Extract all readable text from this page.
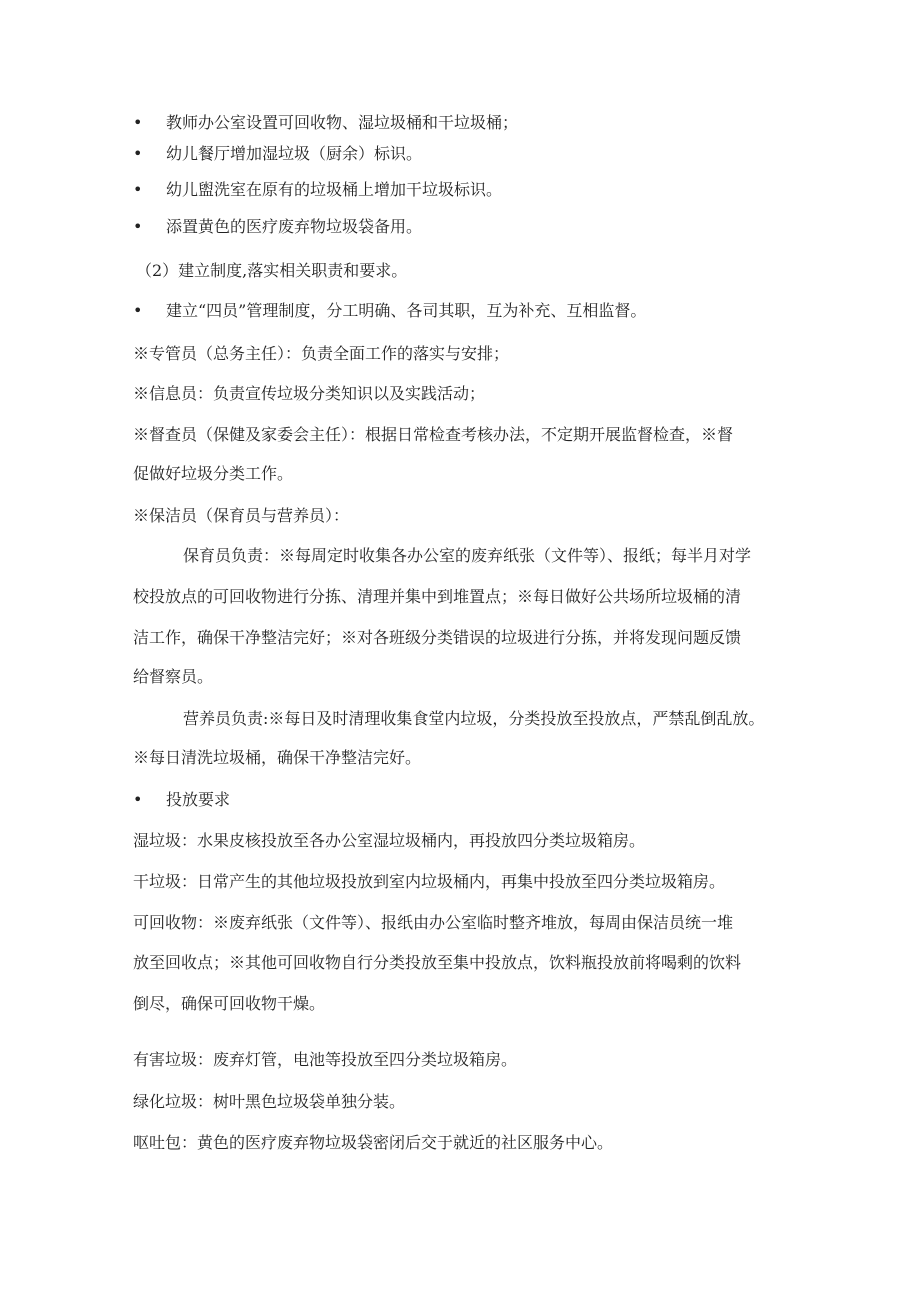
• 教师办公室设置可回收物、湿垃圾桶和干垃圾桶；
• 幼儿餐厅增加湿垃圾（厨余）标识。
• 幼儿盥洗室在原有的垃圾桶上增加干垃圾标识。
• 添置黄色的医疗废弃物垃圾袋备用。
（2）建立制度,落实相关职责和要求。
• 建立“四员”管理制度，分工明确、各司其职，互为补充、互相监督。
※专管员（总务主任）：负责全面工作的落实与安排；
※信息员：负责宣传垃圾分类知识以及实践活动；
※督查员（保健及家委会主任）：根据日常检查考核办法，不定期开展监督检查，※督
促做好垃圾分类工作。
※保洁员（保育员与营养员）：
保育员负责：※每周定时收集各办公室的废弃纸张（文件等）、报纸；每半月对学
校投放点的可回收物进行分拣、清理并集中到堆置点；※每日做好公共场所垃圾桶的清
洁工作，确保干净整洁完好；※对各班级分类错误的垃圾进行分拣，并将发现问题反馈
给督察员。
营养员负责:※每日及时清理收集食堂内垃圾，分类投放至投放点，严禁乱倒乱放。
※每日清洗垃圾桶，确保干净整洁完好。
• 投放要求
湿垃圾：水果皮核投放至各办公室湿垃圾桶内，再投放四分类垃圾箱房。
干垃圾：日常产生的其他垃圾投放到室内垃圾桶内，再集中投放至四分类垃圾箱房。
可回收物：※废弃纸张（文件等）、报纸由办公室临时整齐堆放，每周由保洁员统一堆
放至回收点；※其他可回收物自行分类投放至集中投放点，饮料瓶投放前将喝剩的饮料
倒尽，确保可回收物干燥。
有害垃圾：废弃灯管，电池等投放至四分类垃圾箱房。
绿化垃圾：树叶黑色垃圾袋单独分装。
呕吐包：黄色的医疗废弃物垃圾袋密闭后交于就近的社区服务中心。
